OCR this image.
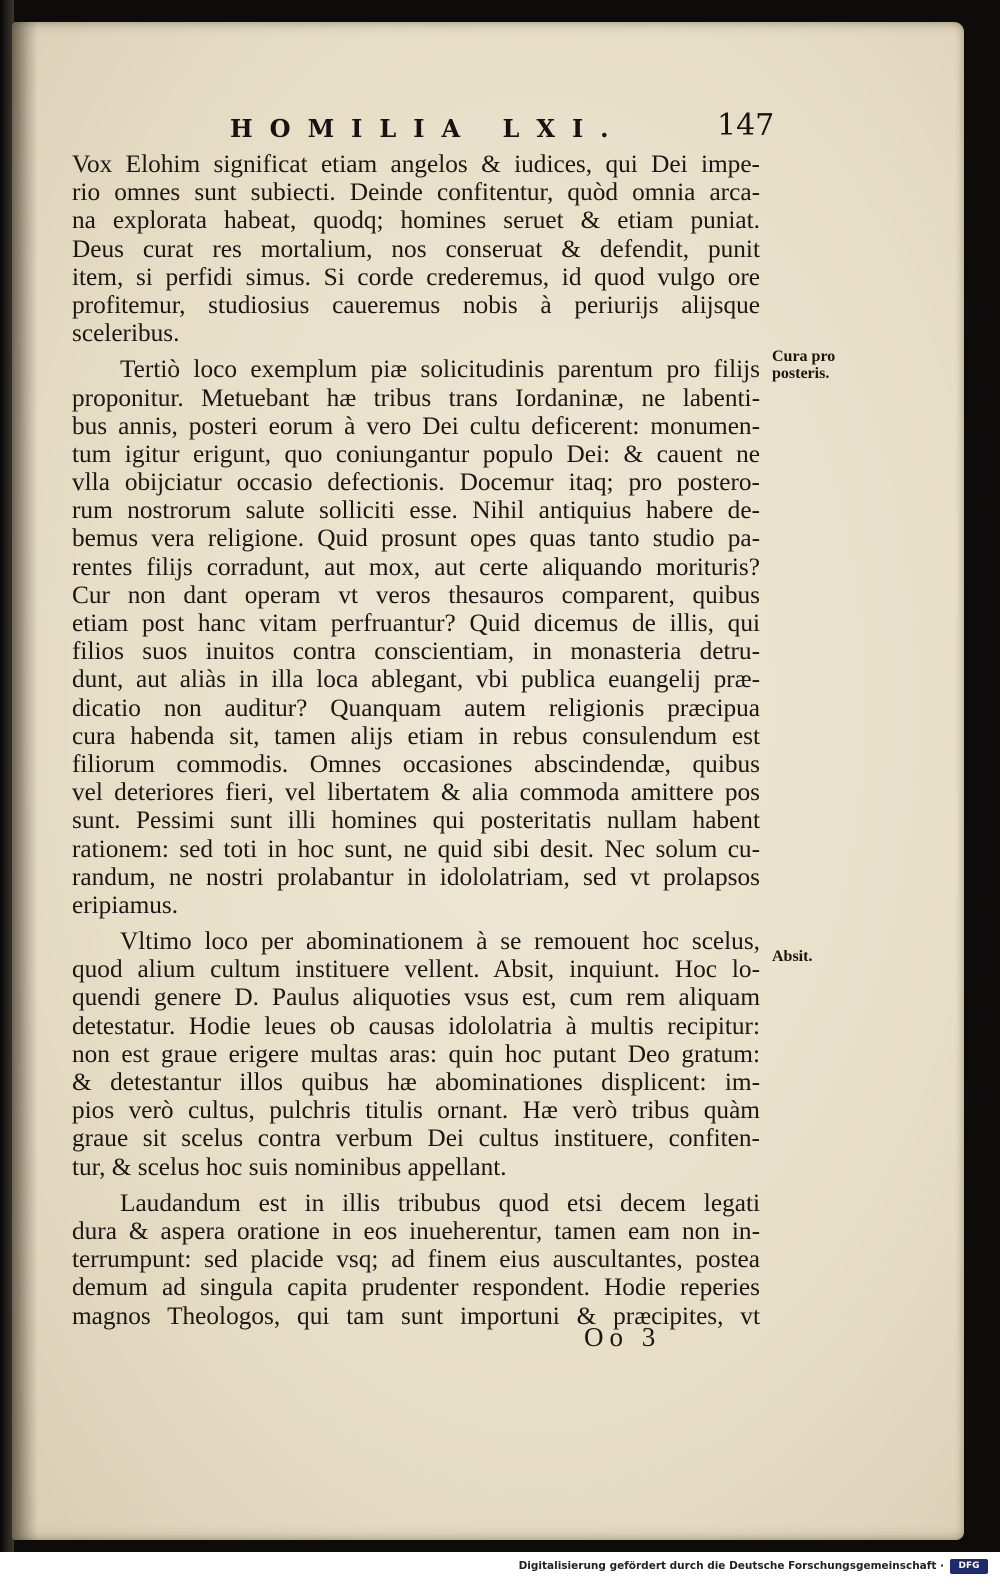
HOMILIA LXI.	147
Vox Elohim significat etiam angelos & iudices, qui Dei impe-
rio omnes sunt subiecti. Deinde confitentur, quòd omnia arca-
na explorata habeat, quodq; homines seruet & etiam puniat.
Deus curat res mortalium, nos conseruat & defendit, punit
item, si perfidi simus. Si corde crederemus, id quod vulgo ore
profitemur, studiosius caueremus nobis à periurijs alijsque
sceleribus.
Tertiò loco exemplum piæ solicitudinis parentum pro filijs
proponitur. Metuebant hæ tribus trans Iordaninæ, ne labenti-
bus annis, posteri eorum à vero Dei cultu deficerent: monumen-
tum igitur erigunt, quo coniungantur populo Dei: & cauent ne
vlla obijciatur occasio defectionis. Docemur itaq; pro postero-
rum nostrorum salute solliciti esse. Nihil antiquius habere de-
bemus vera religione. Quid prosunt opes quas tanto studio pa-
rentes filijs corradunt, aut mox, aut certe aliquando morituris?
Cur non dant operam vt veros thesauros comparent, quibus
etiam post hanc vitam perfruantur? Quid dicemus de illis, qui
filios suos inuitos contra conscientiam, in monasteria detru-
dunt, aut aliàs in illa loca ablegant, vbi publica euangelij præ-
dicatio non auditur? Quanquam autem religionis præcipua
cura habenda sit, tamen alijs etiam in rebus consulendum est
filiorum commodis. Omnes occasiones abscindendæ, quibus
vel deteriores fieri, vel libertatem & alia commoda amittere pos
sunt. Pessimi sunt illi homines qui posteritatis nullam habent
rationem: sed toti in hoc sunt, ne quid sibi desit. Nec solum cu-
randum, ne nostri prolabantur in idololatriam, sed vt prolapsos
eripiamus.
Vltimo loco per abominationem à se remouent hoc scelus,
quod alium cultum instituere vellent. Absit, inquiunt. Hoc lo-
quendi genere D. Paulus aliquoties vsus est, cum rem aliquam
detestatur. Hodie leues ob causas idololatria à multis recipitur:
non est graue erigere multas aras: quin hoc putant Deo gratum:
& detestantur illos quibus hæ abominationes displicent: im-
pios verò cultus, pulchris titulis ornant. Hæ verò tribus quàm
graue sit scelus contra verbum Dei cultus instituere, confiten-
tur, & scelus hoc suis nominibus appellant.
Laudandum est in illis tribubus quod etsi decem legati
dura & aspera oratione in eos inueherentur, tamen eam non in-
terrumpunt: sed placide vsq; ad finem eius auscultantes, postea
demum ad singula capita prudenter respondent. Hodie reperies
magnos Theologos, qui tam sunt importuni & præcipites, vt
Cura pro
posteris.
Absit.
Oo 3
Digitalisierung gefördert durch die Deutsche Forschungsgemeinschaft ·	DFG
